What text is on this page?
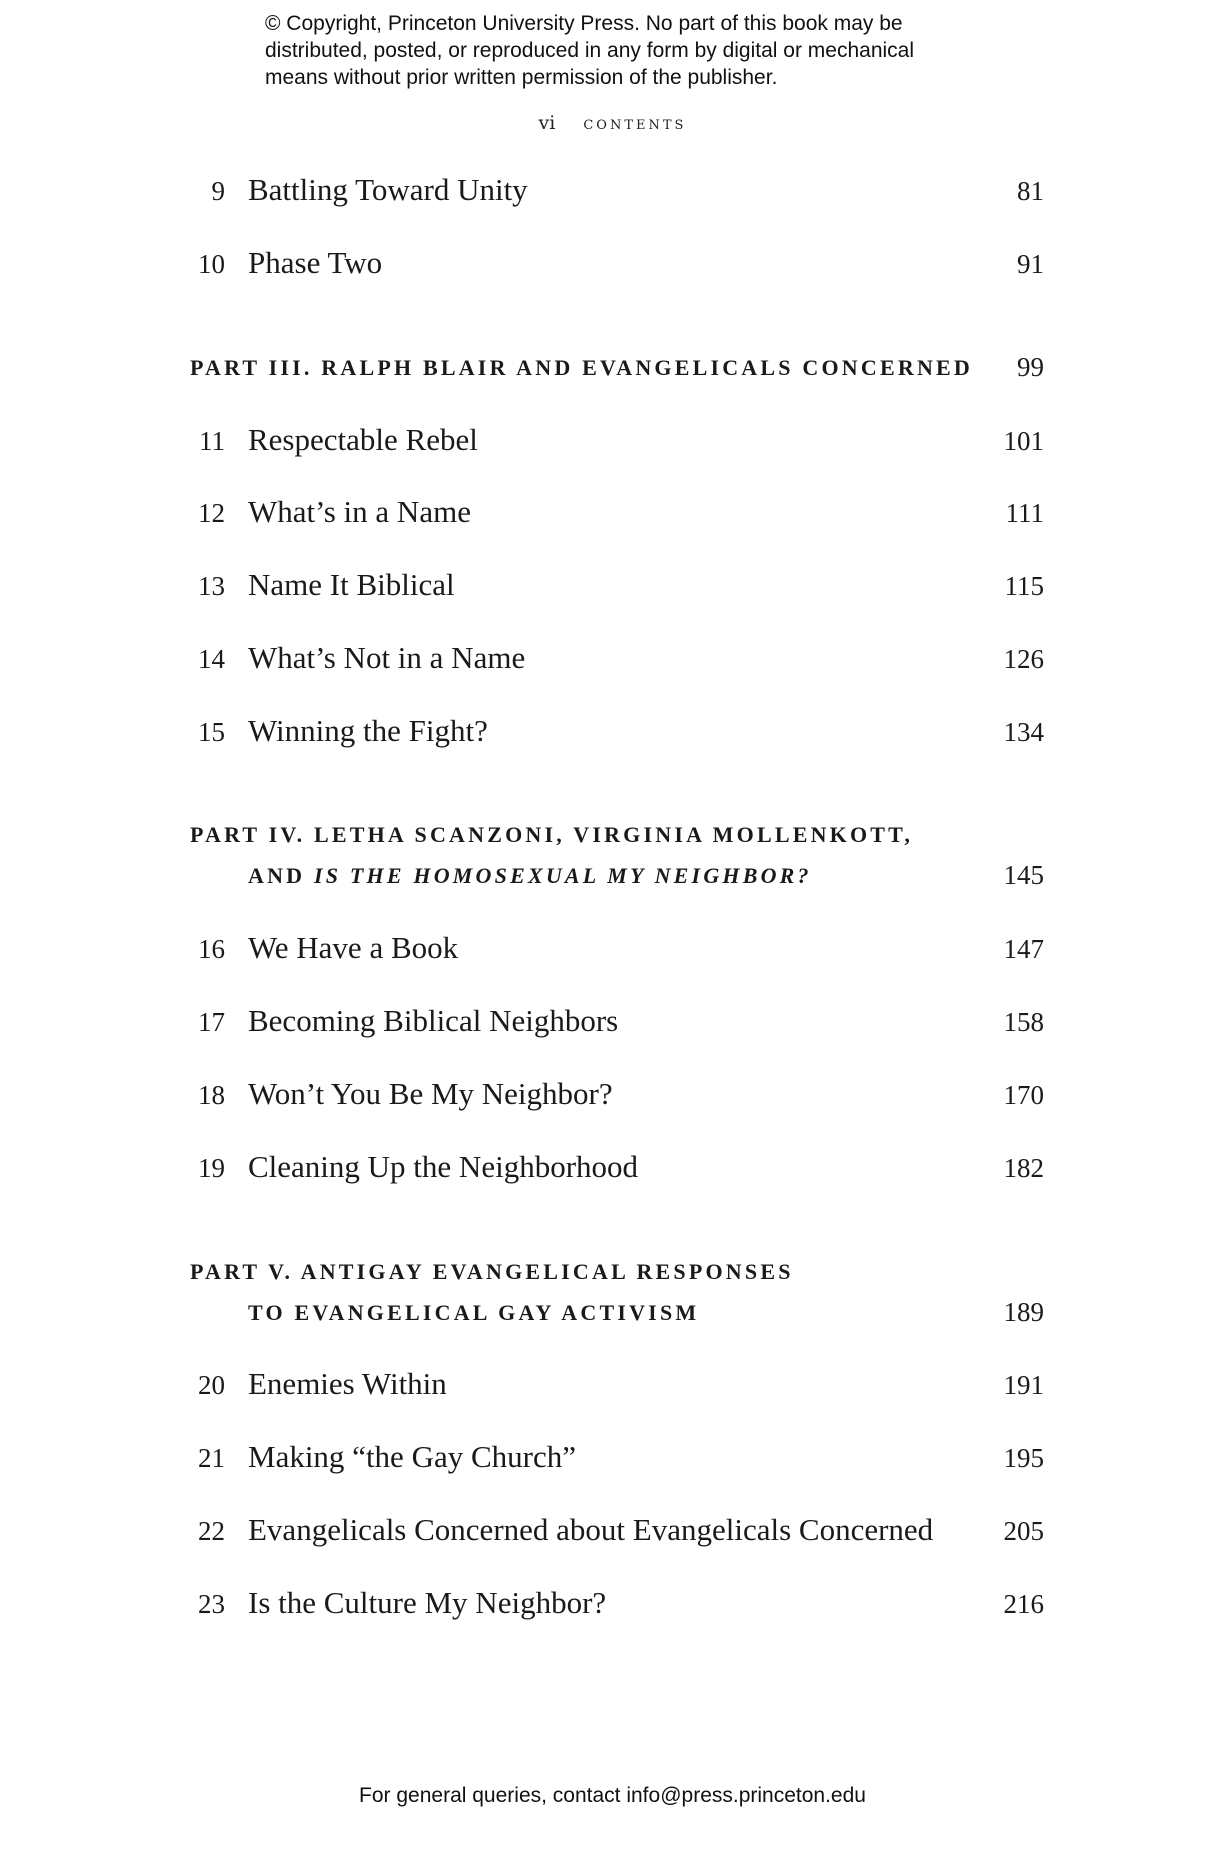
© Copyright, Princeton University Press. No part of this book may be
distributed, posted, or reproduced in any form by digital or mechanical
means without prior written permission of the publisher.
vi contents
9 Battling Toward Unity	81
10 Phase Two	91
PART III. RALPH BLAIR AND EVANGELICALS CONCERNED 99
11 Respectable Rebel	101
12 What’s in a Name	111
13 Name It Biblical	115
14 What’s Not in a Name	126
15 Winning the Fight?	134
PART IV. LETHA SCANZONI, VIRGINIA MOLLENKOTT,
AND IS THE HOMOSEXUAL MY NEIGHBOR?	145
16 We Have a Book	147
17 Becoming Biblical Neighbors	158
18 Won’t You Be My Neighbor?	170
19 Cleaning Up the Neighborhood	182
PART V. ANTIGAY EVANGELICAL RESPONSES
TO EVANGELICAL GAY ACTIVISM	189
20 Enemies Within	191
21 Making “the Gay Church”	195
22 Evangelicals Concerned about Evangelicals Concerned	205
23 Is the Culture My Neighbor?	216
For general queries, contact info@press.princeton.edu
